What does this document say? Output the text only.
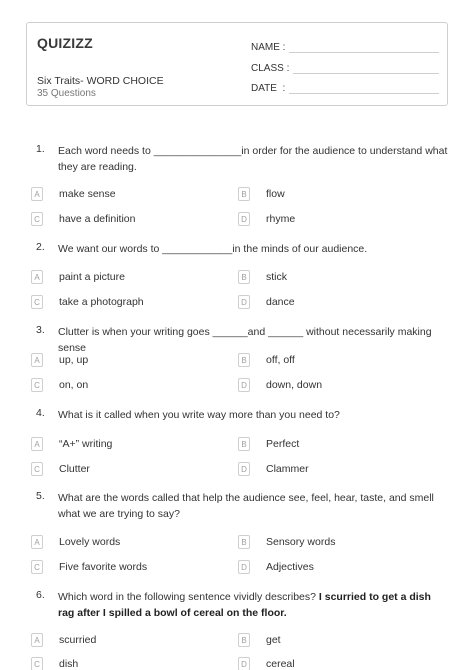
QUIZIZZ
Six Traits- WORD CHOICE
35 Questions
NAME :
CLASS :
DATE  :
1. Each word needs to _______________in order for the audience to understand what they are reading.
A	make sense	B	flow
C have a definition	D rhyme
2. We want our words to ____________in the minds of our audience.
A	paint a picture	B	stick
C take a photograph	D dance
3. Clutter is when your writing goes ______and ______ without necessarily making sense
A	up, up	B	off, off
C on, on	D down, down
4. What is it called when you write way more than you need to?
A	“A+” writing	B	Perfect
C Clutter	D Clammer
5. What are the words called that help the audience see, feel, hear, taste, and smell what we are trying to say?
A	Lovely words	B	Sensory words
C Five favorite words	D Adjectives
6. Which word in the following sentence vividly describes? I scurried to get a dish rag after I spilled a bowl of cereal on the floor.
A	scurried	B	get
C dish	D cereal
